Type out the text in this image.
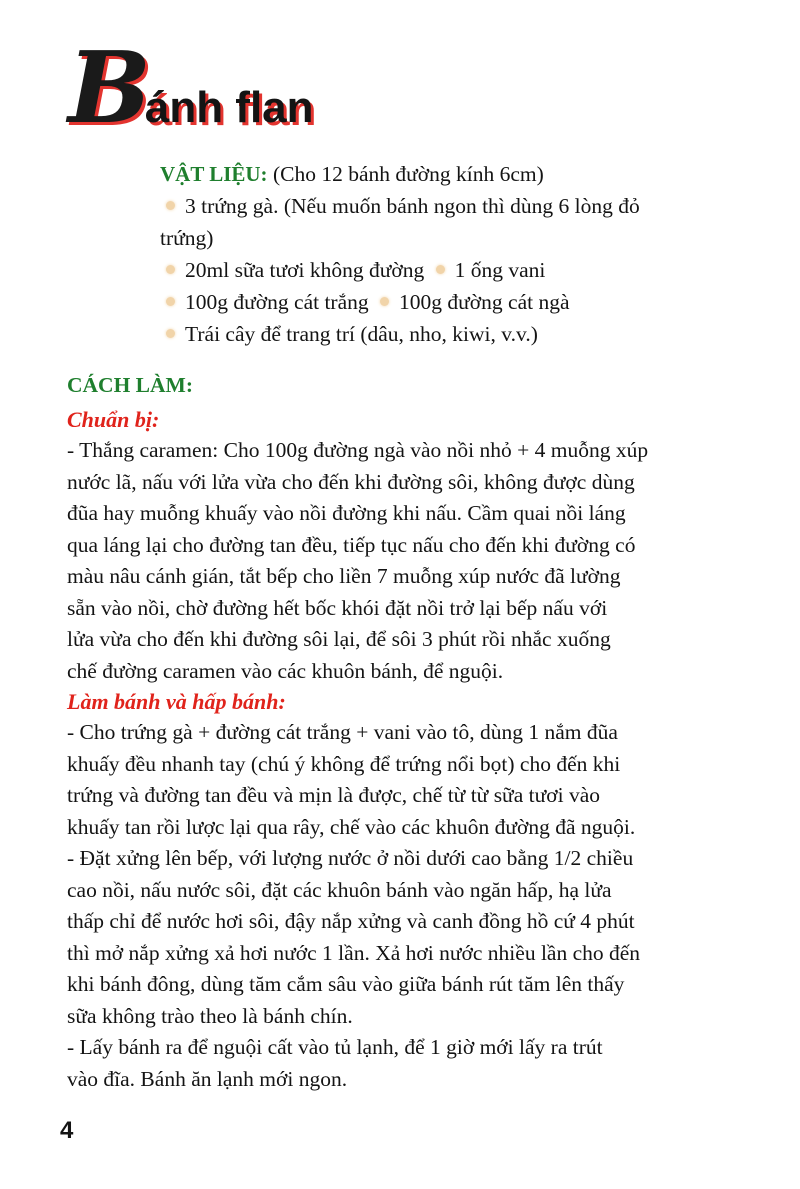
Bánh flan
VẬT LIỆU: (Cho 12 bánh đường kính 6cm)
3 trứng gà. (Nếu muốn bánh ngon thì dùng 6 lòng đỏ
trứng)
20ml sữa tươi không đường 1 ống vani
100g đường cát trắng 100g đường cát ngà
Trái cây để trang trí (dâu, nho, kiwi, v.v.)
CÁCH LÀM:
Chuẩn bị:
- Thắng caramen: Cho 100g đường ngà vào nồi nhỏ + 4 muỗng xúp
nước lã, nấu với lửa vừa cho đến khi đường sôi, không được dùng
đũa hay muỗng khuấy vào nồi đường khi nấu. Cầm quai nồi láng
qua láng lại cho đường tan đều, tiếp tục nấu cho đến khi đường có
màu nâu cánh gián, tắt bếp cho liền 7 muỗng xúp nước đã lường
sẵn vào nồi, chờ đường hết bốc khói đặt nồi trở lại bếp nấu với
lửa vừa cho đến khi đường sôi lại, để sôi 3 phút rồi nhắc xuống
chế đường caramen vào các khuôn bánh, để nguội.
Làm bánh và hấp bánh:
- Cho trứng gà + đường cát trắng + vani vào tô, dùng 1 nắm đũa
khuấy đều nhanh tay (chú ý không để trứng nổi bọt) cho đến khi
trứng và đường tan đều và mịn là được, chế từ từ sữa tươi vào
khuấy tan rồi lược lại qua rây, chế vào các khuôn đường đã nguội.
- Đặt xửng lên bếp, với lượng nước ở nồi dưới cao bằng 1/2 chiều
cao nồi, nấu nước sôi, đặt các khuôn bánh vào ngăn hấp, hạ lửa
thấp chỉ để nước hơi sôi, đậy nắp xửng và canh đồng hồ cứ 4 phút
thì mở nắp xửng xả hơi nước 1 lần. Xả hơi nước nhiều lần cho đến
khi bánh đông, dùng tăm cắm sâu vào giữa bánh rút tăm lên thấy
sữa không trào theo là bánh chín.
- Lấy bánh ra để nguội cất vào tủ lạnh, để 1 giờ mới lấy ra trút
vào đĩa. Bánh ăn lạnh mới ngon.
4
